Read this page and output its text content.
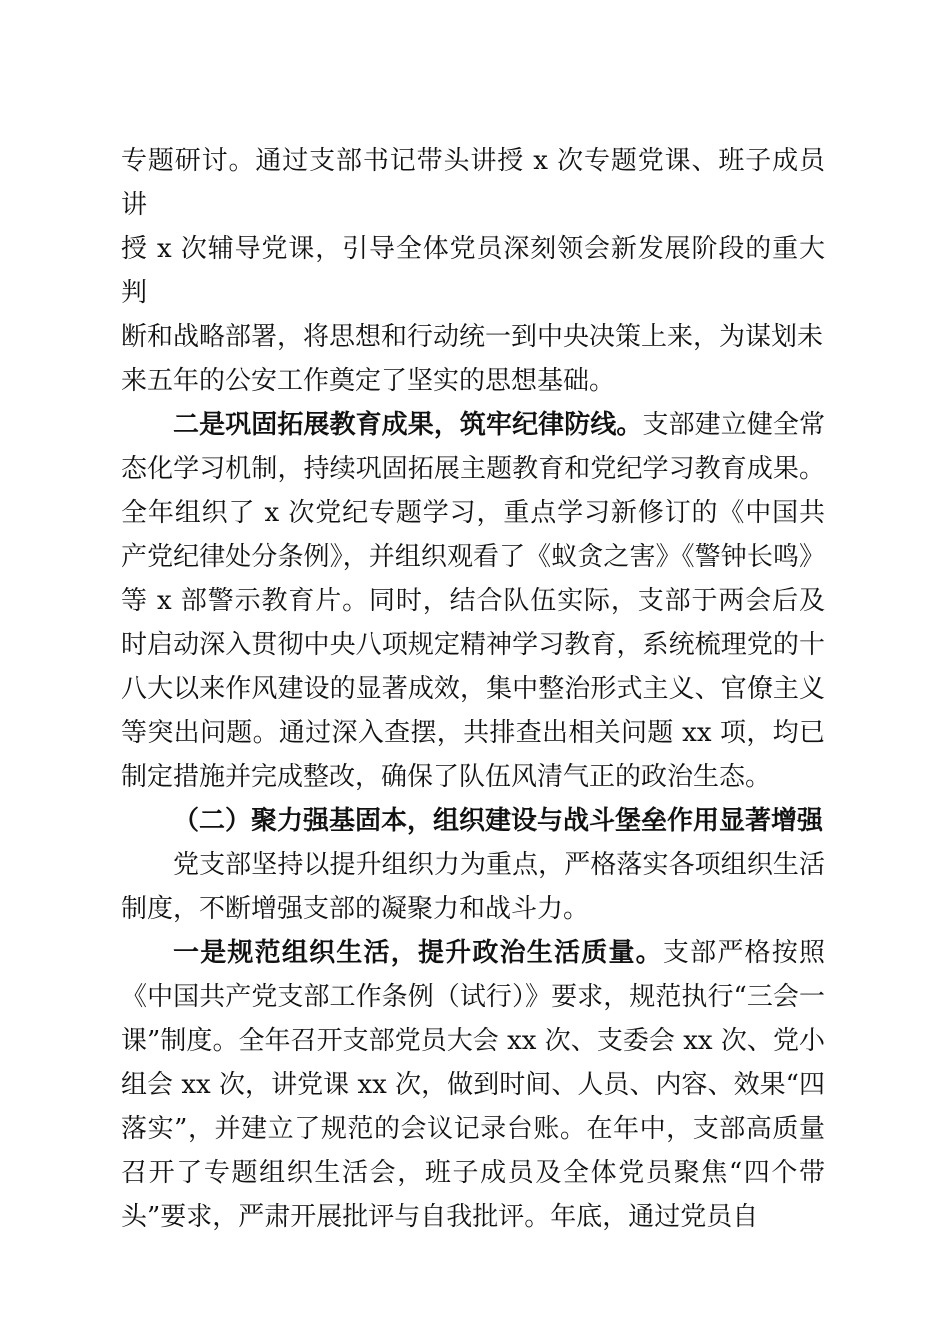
专题研讨。通过支部书记带头讲授 x 次专题党课、班子成员讲
授 x 次辅导党课，引导全体党员深刻领会新发展阶段的重大判
断和战略部署，将思想和行动统一到中央决策上来，为谋划未
来五年的公安工作奠定了坚实的思想基础。

二是巩固拓展教育成果，筑牢纪律防线。支部建立健全常态化学习机制，持续巩固拓展主题教育和党纪学习教育成果。全年组织了 x 次党纪专题学习，重点学习新修订的《中国共产党纪律处分条例》，并组织观看了《蚁贪之害》《警钟长鸣》等 x 部警示教育片。同时，结合队伍实际，支部于两会后及时启动深入贯彻中央八项规定精神学习教育，系统梳理党的十八大以来作风建设的显著成效，集中整治形式主义、官僚主义等突出问题。通过深入查摆，共排查出相关问题 xx 项，均已制定措施并完成整改，确保了队伍风清气正的政治生态。

（二）聚力强基固本，组织建设与战斗堡垒作用显著增强

党支部坚持以提升组织力为重点，严格落实各项组织生活制度，不断增强支部的凝聚力和战斗力。

一是规范组织生活，提升政治生活质量。支部严格按照《中国共产党支部工作条例（试行）》要求，规范执行“三会一课”制度。全年召开支部党员大会 xx 次、支委会 xx 次、党小组会 xx 次，讲党课 xx 次，做到时间、人员、内容、效果“四落实”，并建立了规范的会议记录台账。在年中，支部高质量召开了专题组织生活会，班子成员及全体党员聚焦“四个带头”要求，严肃开展批评与自我批评。年底，通过党员自
